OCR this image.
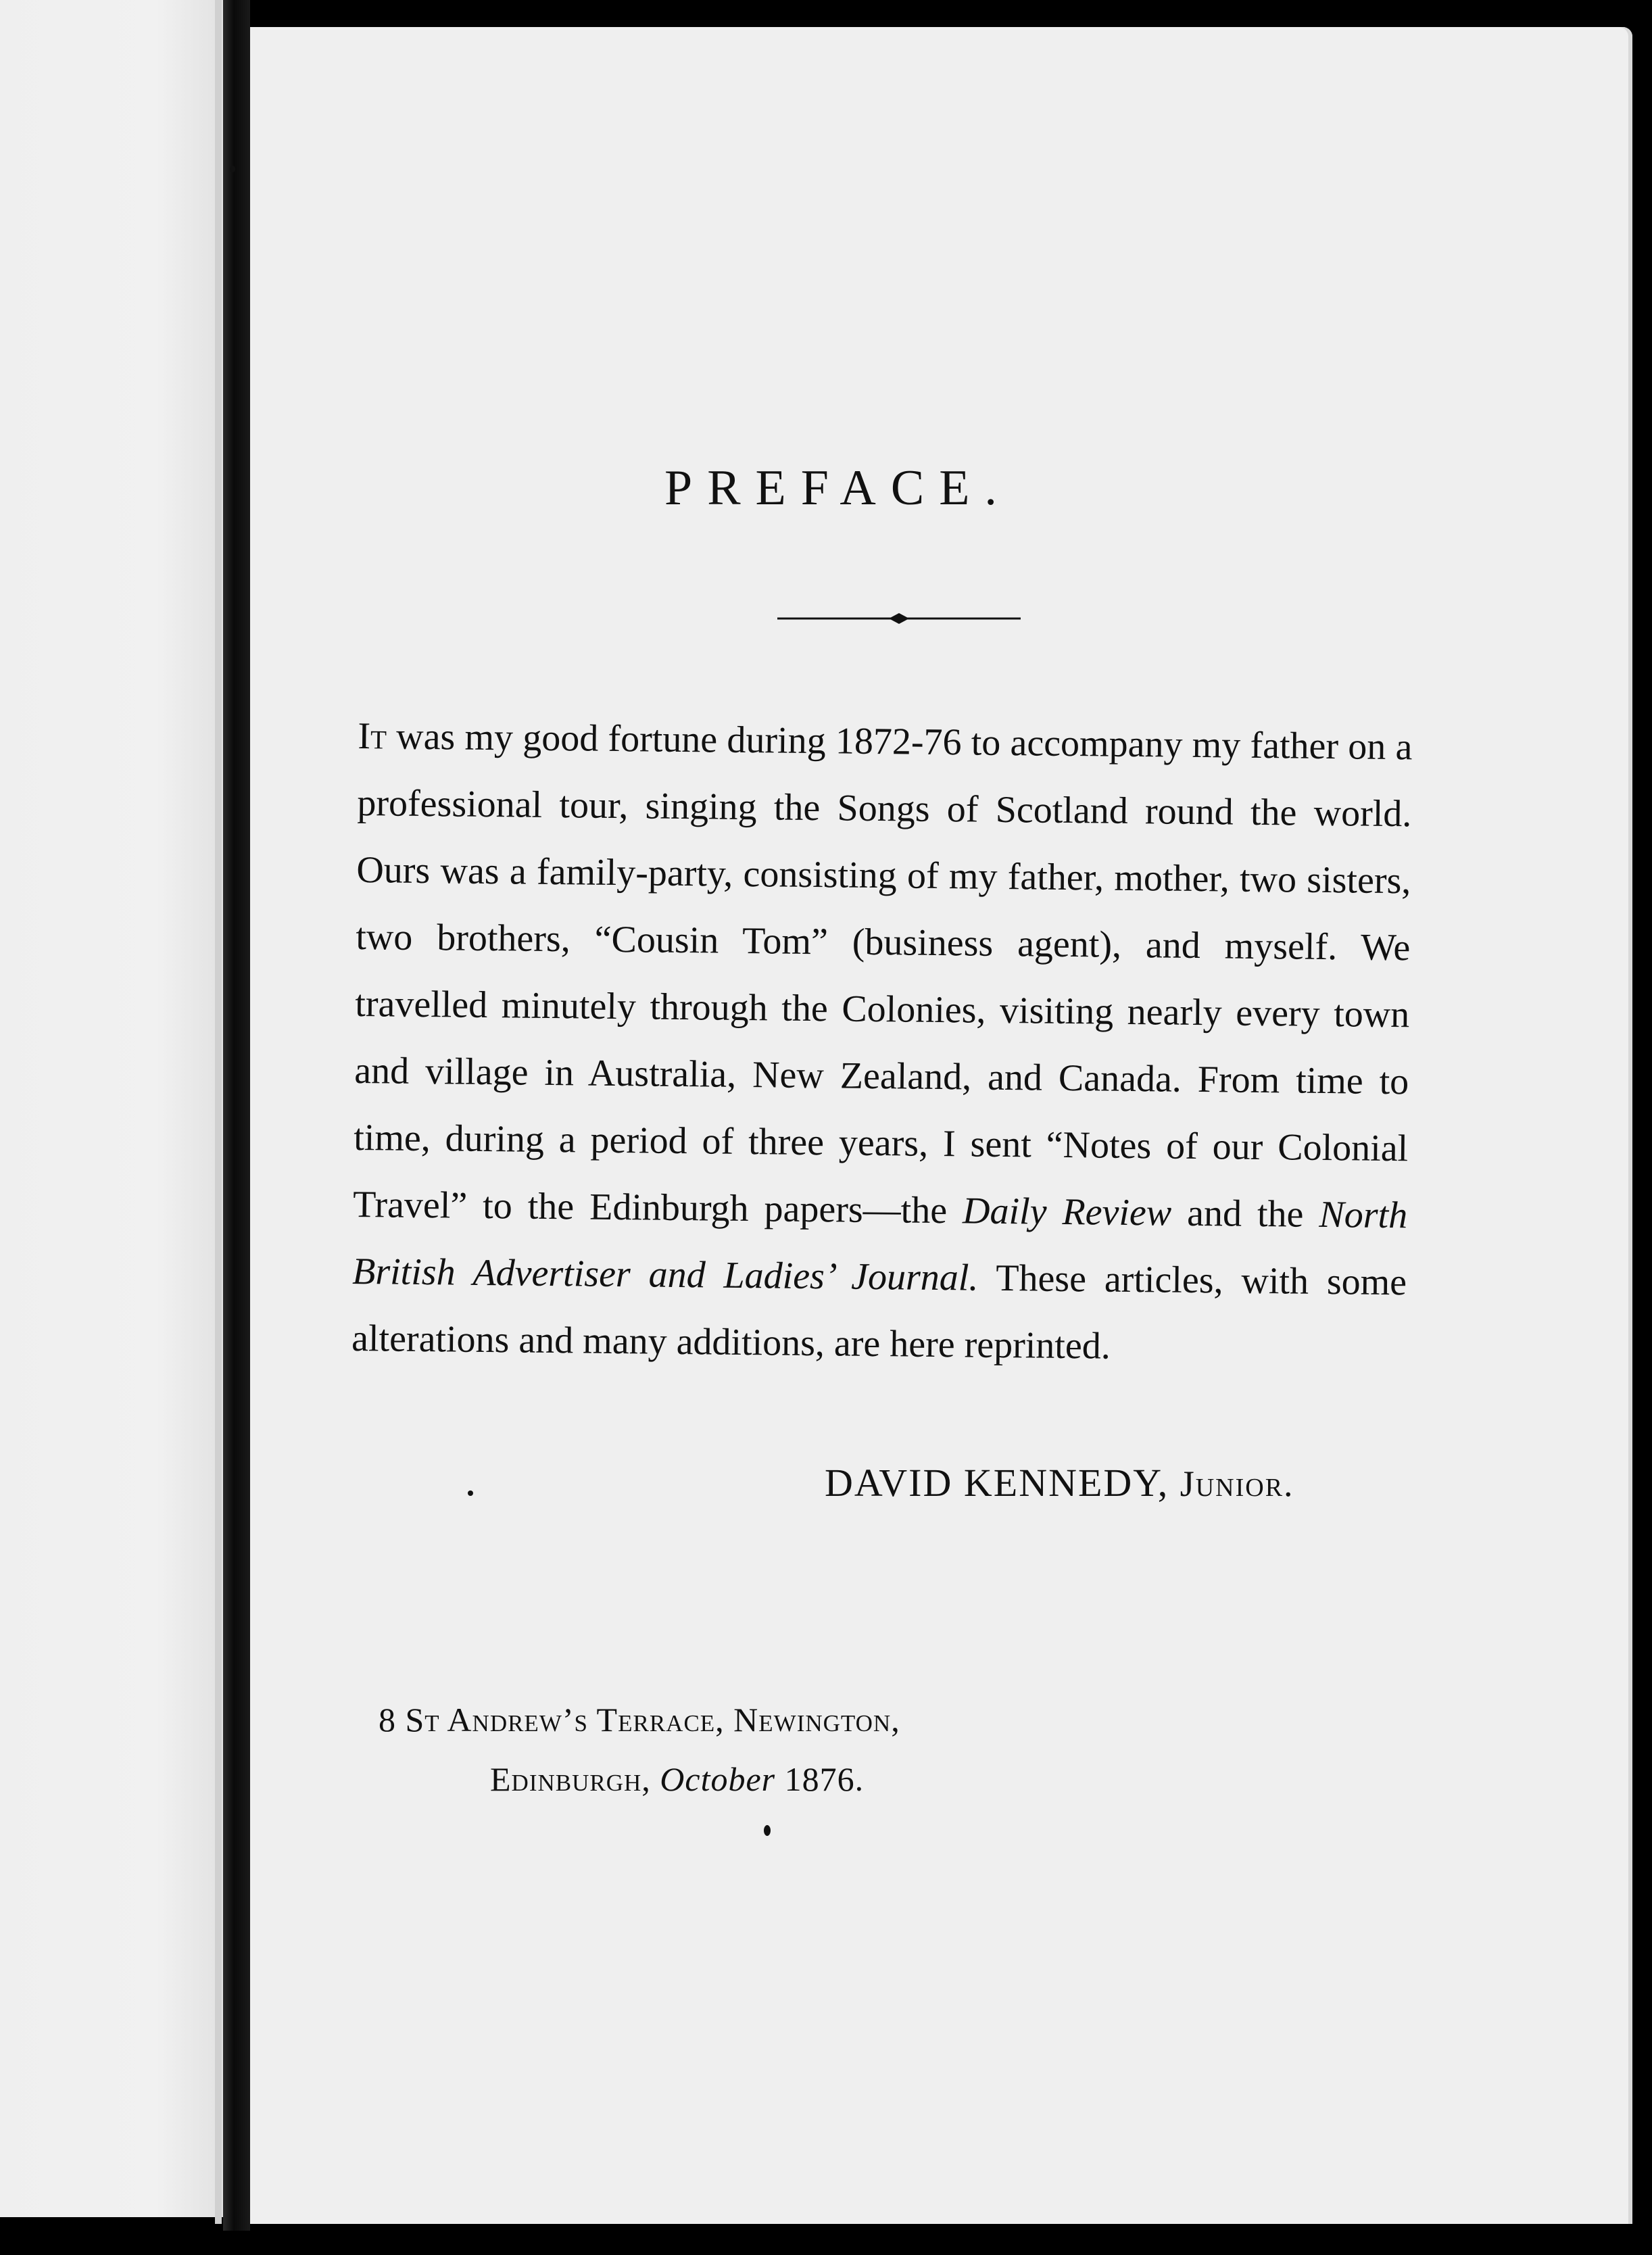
PREFACE.
It was my good fortune during 1872-76 to accompany my father on a professional tour, singing the Songs of Scotland round the world. Ours was a family-party, consisting of my father, mother, two sisters, two brothers, “Cousin Tom” (business agent), and myself. We travelled minutely through the Colonies, visiting nearly every town and village in Australia, New Zealand, and Canada. From time to time, during a period of three years, I sent “Notes of our Colonial Travel” to the Edinburgh papers—the Daily Review and the North British Advertiser and Ladies’ Journal. These articles, with some alterations and many additions, are here reprinted.
DAVID KENNEDY, Junior.
8 St Andrew’s Terrace, Newington,
Edinburgh, October 1876.
